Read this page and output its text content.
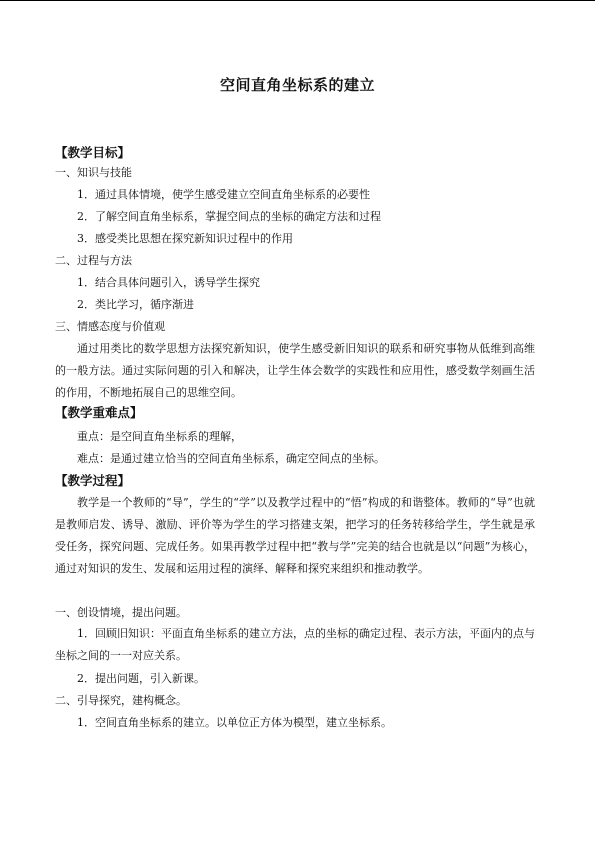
空间直角坐标系的建立
【教学目标】
一、知识与技能
1．通过具体情境，使学生感受建立空间直角坐标系的必要性
2．了解空间直角坐标系，掌握空间点的坐标的确定方法和过程
3．感受类比思想在探究新知识过程中的作用
二、过程与方法
1．结合具体问题引入，诱导学生探究
2．类比学习，循序渐进
三、情感态度与价值观

通过用类比的数学思想方法探究新知识，使学生感受新旧知识的联系和研究事物从低维到高维的一般方法。通过实际问题的引入和解决，让学生体会数学的实践性和应用性，感受数学刻画生活的作用，不断地拓展自己的思维空间。

【教学重难点】
重点：是空间直角坐标系的理解，
难点：是通过建立恰当的空间直角坐标系，确定空间点的坐标。
【教学过程】

教学是一个教师的“导”，学生的“学”以及教学过程中的“悟”构成的和谐整体。教师的“导”也就是教师启发、诱导、激励、评价等为学生的学习搭建支架，把学习的任务转移给学生，学生就是承受任务，探究问题、完成任务。如果再教学过程中把“教与学”完美的结合也就是以“问题”为核心，通过对知识的发生、发展和运用过程的演绎、解释和探究来组织和推动教学。

一、创设情境，提出问题。

1．回顾旧知识：平面直角坐标系的建立方法，点的坐标的确定过程、表示方法，平面内的点与坐标之间的一一对应关系。

2．提出问题，引入新课。
二、引导探究，建构概念。
1．空间直角坐标系的建立。以单位正方体为模型，建立坐标系。
